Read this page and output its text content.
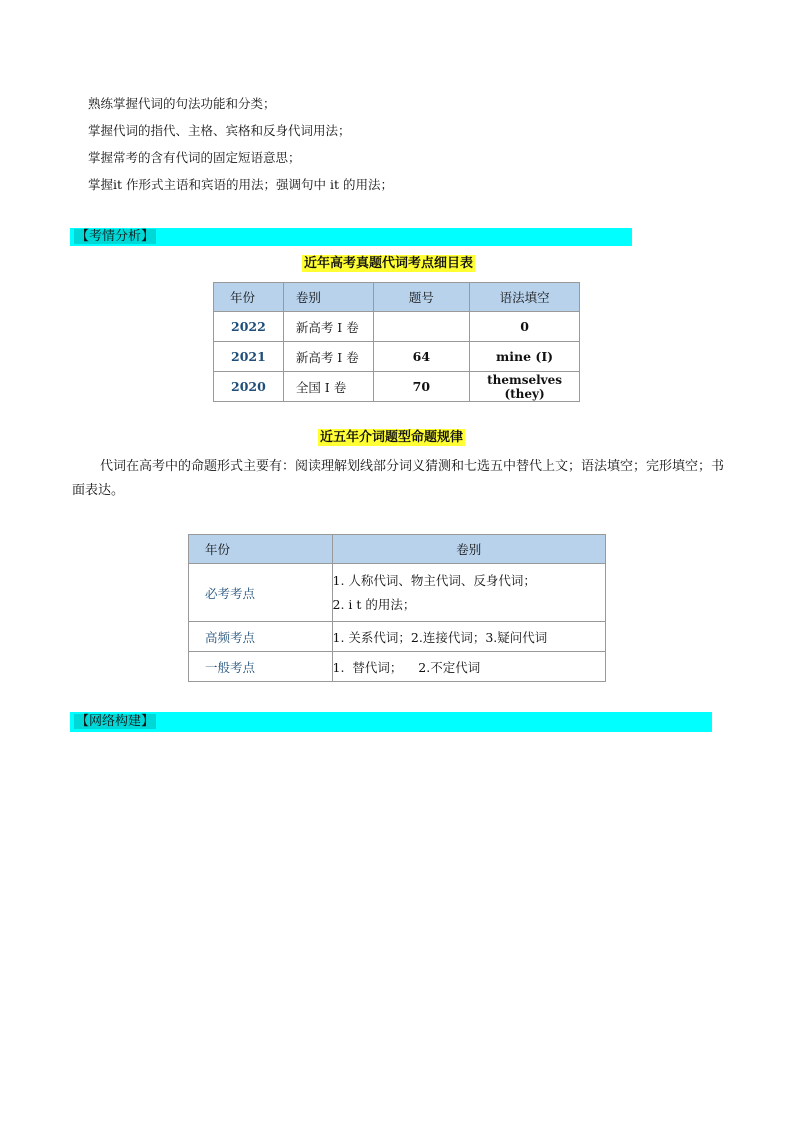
熟练掌握代词的句法功能和分类；
掌握代词的指代、主格、宾格和反身代词用法；
掌握常考的含有代词的固定短语意思；
掌握it 作形式主语和宾语的用法；强调句中 it 的用法；
【考情分析】
近年高考真题代词考点细目表
年份	卷别	题号	语法填空
2022	新高考 I 卷		0
2021	新高考 I 卷	64	mine (I)
2020	全国 I 卷	70	themselves (they)
近五年介词题型命题规律
代词在高考中的命题形式主要有：阅读理解划线部分词义猜测和七选五中替代上文；语法填空；完形填空；书面表达。
年份	卷别
必考考点	1. 人称代词、物主代词、反身代词；
2. i t 的用法；

高频考点	1. 关系代词；2.连接代词；3.疑问代词

一般考点	1.  替代词；    2.不定代词
【网络构建】
